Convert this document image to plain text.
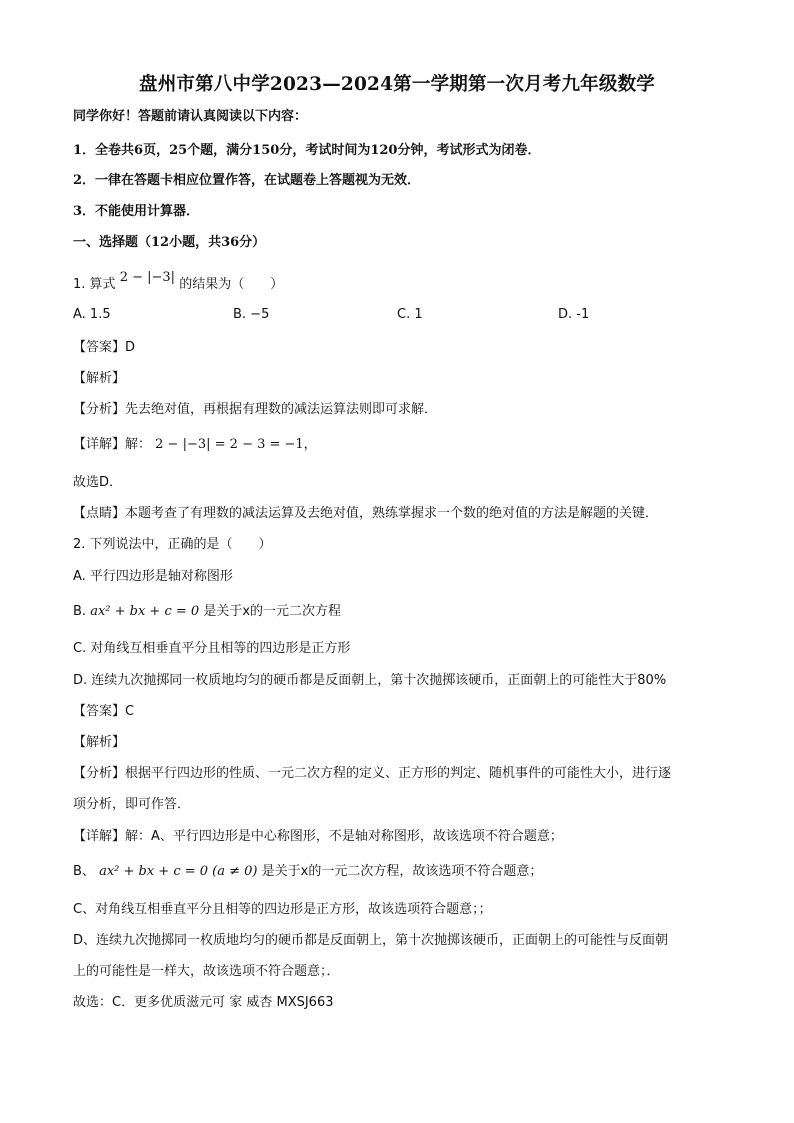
盘州市第八中学2023—2024第一学期第一次月考九年级数学
同学你好！答题前请认真阅读以下内容：
1．全卷共6页，25个题，满分150分，考试时间为120分钟，考试形式为闭卷．
2．一律在答题卡相应位置作答，在试题卷上答题视为无效．
3．不能使用计算器．
一、选择题（12小题，共36分）
1. 算式 2 − |−3| 的结果为（　　）
A. 1.5	B. −5	C. 1	D. -1
【答案】D
【解析】
【分析】先去绝对值，再根据有理数的减法运算法则即可求解．
【详解】解： 2 − |−3| = 2 − 3 = −1，
故选D．
【点睛】本题考查了有理数的减法运算及去绝对值，熟练掌握求一个数的绝对值的方法是解题的关键．
2. 下列说法中，正确的是（　　）
A. 平行四边形是轴对称图形
B. ax² + bx + c = 0 是关于x的一元二次方程
C. 对角线互相垂直平分且相等的四边形是正方形
D. 连续九次抛掷同一枚质地均匀的硬币都是反面朝上，第十次抛掷该硬币，正面朝上的可能性大于80%
【答案】C
【解析】
【分析】根据平行四边形的性质、一元二次方程的定义、正方形的判定、随机事件的可能性大小，进行逐
项分析，即可作答．
【详解】解：A、平行四边形是中心称图形，不是轴对称图形，故该选项不符合题意；
B、 ax² + bx + c = 0 (a ≠ 0) 是关于x的一元二次方程，故该选项不符合题意；
C、对角线互相垂直平分且相等的四边形是正方形，故该选项符合题意；；
D、连续九次抛掷同一枚质地均匀的硬币都是反面朝上，第十次抛掷该硬币，正面朝上的可能性与反面朝
上的可能性是一样大，故该选项不符合题意；．
故选：C．更多优质滋元可 家 威杏 MXSJ663
